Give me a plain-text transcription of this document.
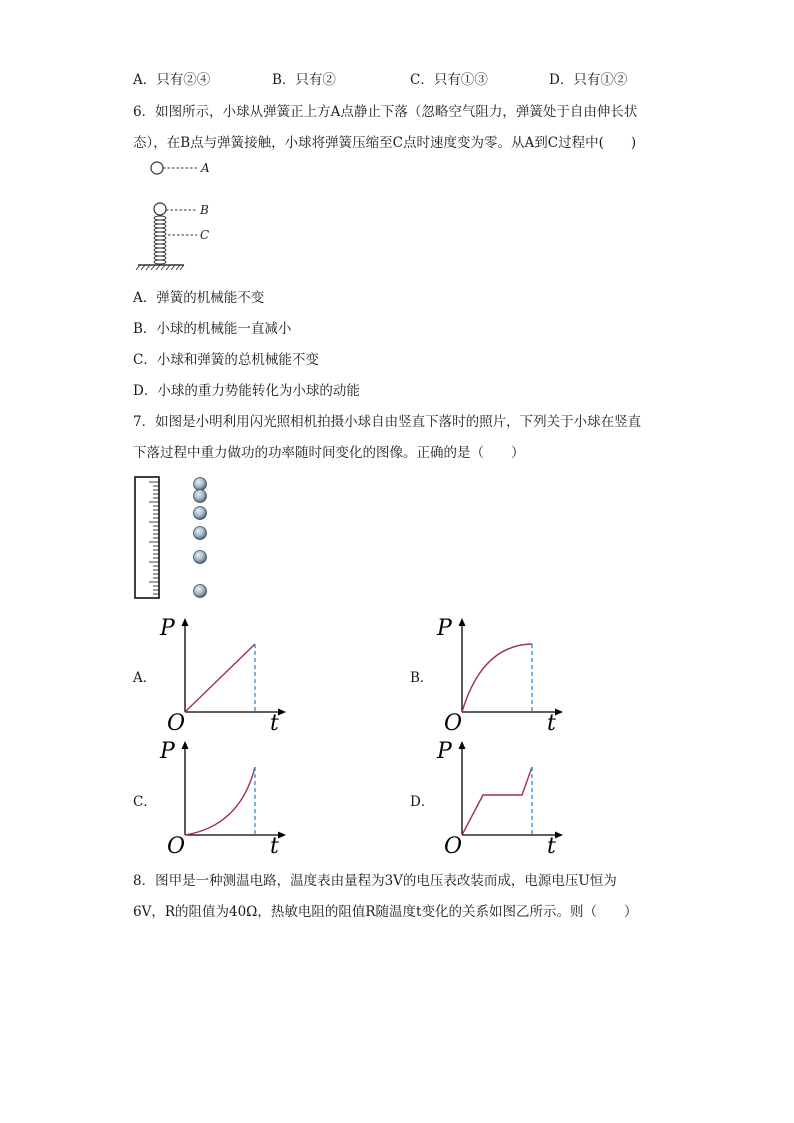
A．只有②④	B．只有②	C．只有①③	D．只有①②
6．如图所示，小球从弹簧正上方A点静止下落（忽略空气阻力，弹簧处于自由伸长状
态），在B点与弹簧接触，小球将弹簧压缩至C点时速度变为零。从A到C过程中(　　)
A
B
C
A．弹簧的机械能不变
B．小球的机械能一直减小
C．小球和弹簧的总机械能不变
D．小球的重力势能转化为小球的动能
7．如图是小明利用闪光照相机拍摄小球自由竖直下落时的照片，下列关于小球在竖直
下落过程中重力做功的功率随时间变化的图像。正确的是（　　）
A．	B．
C．	D．
P
t
O
P
t
O
P
t
O
P
t
O
8．图甲是一种测温电路，温度表由量程为3V的电压表改装而成，电源电压U恒为
6V，R的阻值为40Ω，热敏电阻的阻值R随温度t变化的关系如图乙所示。则（　　）
